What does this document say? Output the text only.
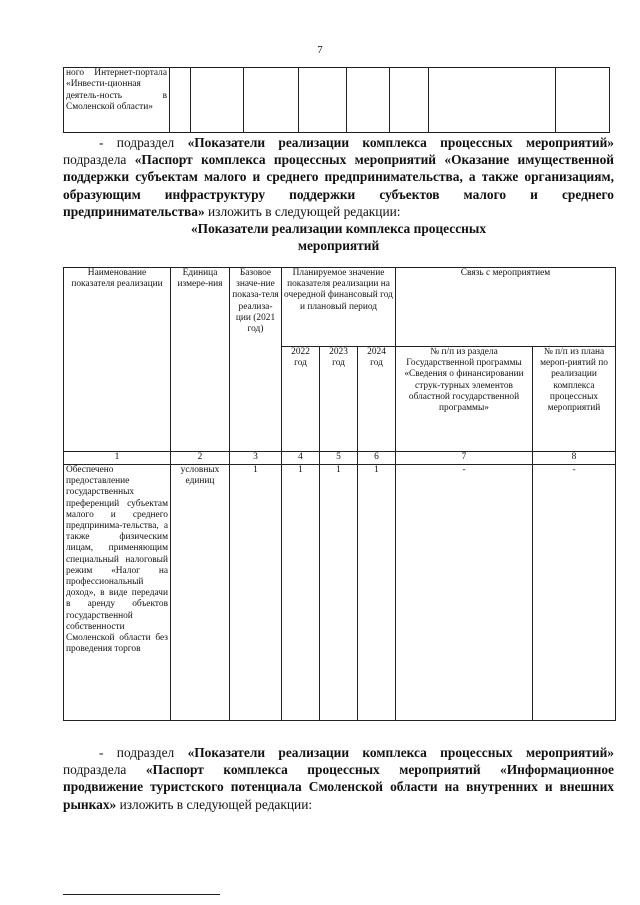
7
ного Интернет-портала «Инвести-ционная деятель-ность в Смоленской области»								
- подраздел «Показатели реализации комплекса процессных мероприятий» подраздела «Паспорт комплекса процессных мероприятий «Оказание имущественной поддержки субъектам малого и среднего предпринимательства, а также организациям, образующим инфраструктуру поддержки субъектов малого и среднего предпринимательства» изложить в следующей редакции:
«Показатели реализации комплекса процессных
мероприятий
Наименование показателя реализации	Единица измере-ния	Базовое значе-ние показа-теля реализа-ции (2021 год)	Планируемое значение показателя реализации на очередной финансовый год и плановый период			Связь с мероприятием	
			2022 год	2023 год	2024 год	№ п/п из раздела Государственной программы «Сведения о финансировании струк-турных элементов областной государственной программы»	№ п/п из плана мероп-риятий по реализации комплекса процессных мероприятий
1	2	3	4	5	6	7	8
Обеспечено предоставление государственных преференций субъектам малого и среднего предпринима-тельства, а также физическим лицам, применяющим специальный налоговый режим «Налог на профессиональный доход», в виде передачи в аренду объектов государственной собственности Смоленской области без проведения торгов	условных единиц	1	1	1	1	-	-
- подраздел «Показатели реализации комплекса процессных мероприятий» подраздела «Паспорт комплекса процессных мероприятий «Информационное продвижение туристского потенциала Смоленской области на внутренних и внешних рынках» изложить в следующей редакции:
